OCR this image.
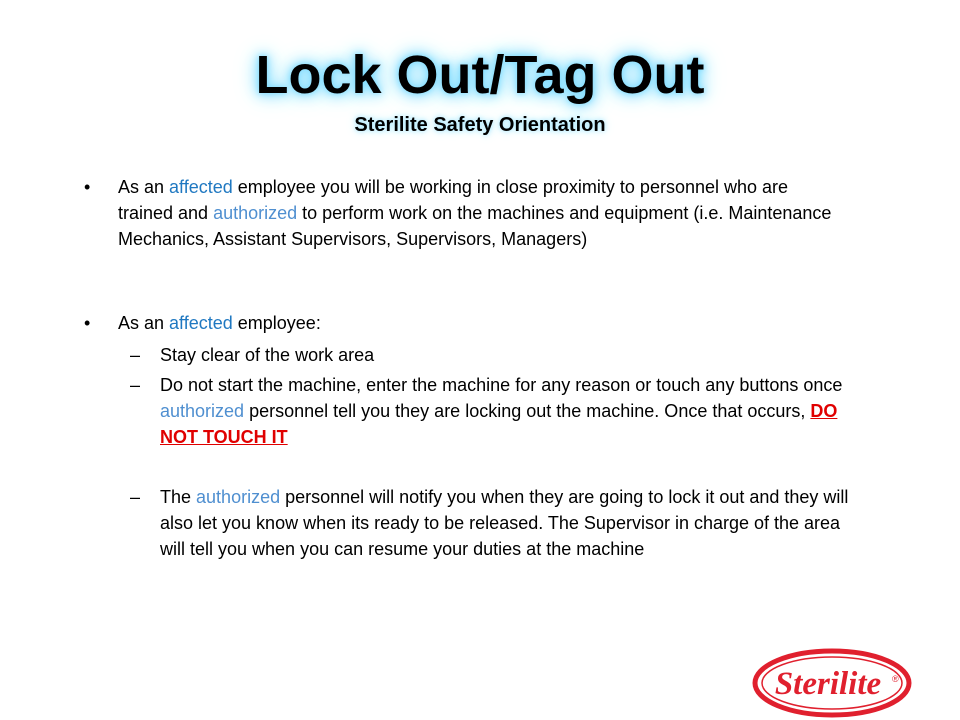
Lock Out/Tag Out
Sterilite Safety Orientation
• As an affected employee you will be working in close proximity to personnel who are trained and authorized to perform work on the machines and equipment (i.e. Maintenance Mechanics, Assistant Supervisors, Supervisors, Managers)

• As an affected employee:

– Stay clear of the work area

– Do not start the machine, enter the machine for any reason or touch any buttons once authorized personnel tell you they are locking out the machine. Once that occurs, DO NOT TOUCH IT

– The authorized personnel will notify you when they are going to lock it out and they will also let you know when its ready to be released. The Supervisor in charge of the area will tell you when you can resume your duties at the machine

Sterilite ®
